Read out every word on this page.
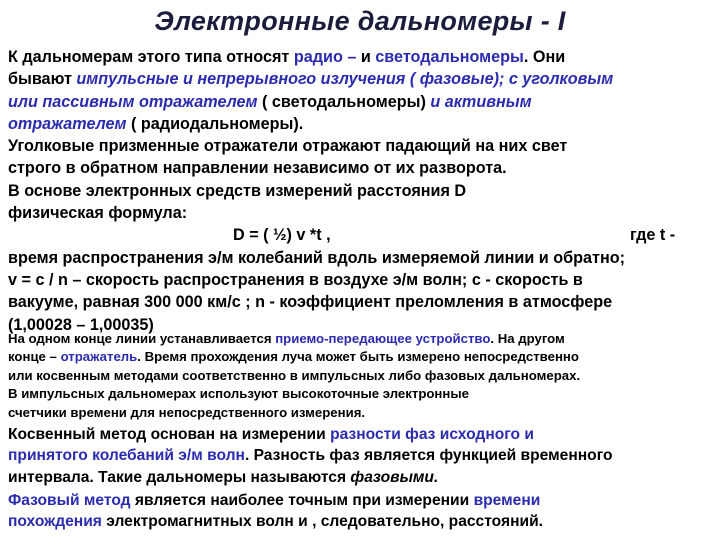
Электронные дальномеры - I
К дальномерам этого типа относят радио – и светодальномеры. Они
бывают импульсные и непрерывного излучения ( фазовые); с уголковым
или пассивным отражателем ( светодальномеры) и активным
отражателем ( радиодальномеры).
Уголковые призменные отражатели отражают падающий на них свет
строго в обратном направлении независимо от их разворота.
В основе электронных средств измерений расстояния D
физическая формула:
D = ( ½) v *t ,	где t -
время распространения э/м колебаний вдоль измеряемой линии и обратно;
v = с / n – скорость распространения в воздухе э/м волн; с - скорость в
вакууме, равная 300 000 км/с ; n - коэффициент преломления в атмосфере
(1,00028 – 1,00035)
На одном конце линии устанавливается приемо-передающее устройство. На другом
конце – отражатель. Время прохождения луча может быть измерено непосредственно
или косвенным методами соответственно в импульсных либо фазовых дальномерах.
В импульсных дальномерах используют высокоточные электронные
счетчики времени для непосредственного измерения.
Косвенный метод основан на измерении разности фаз исходного и
принятого колебаний э/м волн. Разность фаз является функцией временного
интервала. Такие дальномеры называются фазовыми.
Фазовый метод является наиболее точным при измерении времени
похождения электромагнитных волн и , следовательно, расстояний.
